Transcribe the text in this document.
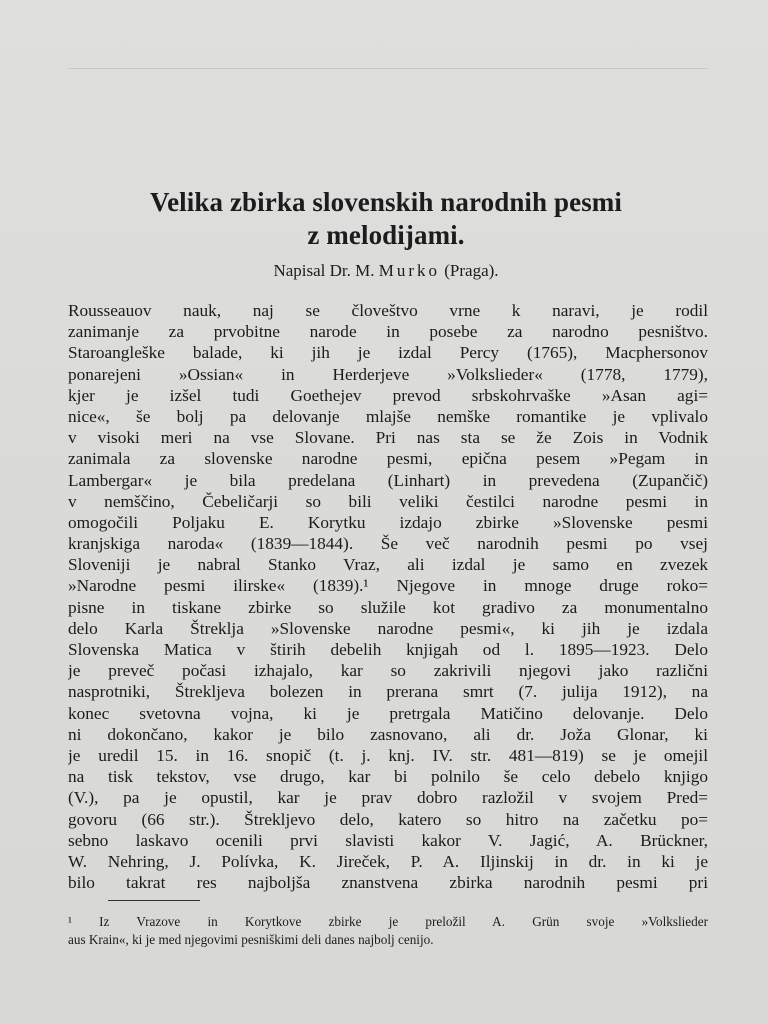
Velika zbirka slovenskih narodnih pesmi
z melodijami.
Napisal Dr. M. Murko (Praga).
Rousseauov nauk, naj se človeštvo vrne k naravi, je rodil
zanimanje za prvobitne narode in posebe za narodno pesništvo.
Staroangleške balade, ki jih je izdal Percy (1765), Macphersonov
ponarejeni »Ossian« in Herderjeve »Volkslieder« (1778, 1779),
kjer je izšel tudi Goethejev prevod srbskohrvaške »Asan agi=
nice«, še bolj pa delovanje mlajše nemške romantike je vplivalo
v visoki meri na vse Slovane. Pri nas sta se že Zois in Vodnik
zanimala za slovenske narodne pesmi, epična pesem »Pegam in
Lambergar« je bila predelana (Linhart) in prevedena (Zupančič)
v nemščino, Čebeličarji so bili veliki čestilci narodne pesmi in
omogočili Poljaku E. Korytku izdajo zbirke »Slovenske pesmi
kranjskiga naroda« (1839—1844). Še več narodnih pesmi po vsej
Sloveniji je nabral Stanko Vraz, ali izdal je samo en zvezek
»Narodne pesmi ilirske« (1839).¹ Njegove in mnoge druge roko=
pisne in tiskane zbirke so služile kot gradivo za monumentalno
delo Karla Štreklja »Slovenske narodne pesmi«, ki jih je izdala
Slovenska Matica v štirih debelih knjigah od l. 1895—1923. Delo
je preveč počasi izhajalo, kar so zakrivili njegovi jako različni
nasprotniki, Štrekljeva bolezen in prerana smrt (7. julija 1912), na
konec svetovna vojna, ki je pretrgala Matičino delovanje. Delo
ni dokončano, kakor je bilo zasnovano, ali dr. Joža Glonar, ki
je uredil 15. in 16. snopič (t. j. knj. IV. str. 481—819) se je omejil
na tisk tekstov, vse drugo, kar bi polnilo še celo debelo knjigo
(V.), pa je opustil, kar je prav dobro razložil v svojem Pred=
govoru (66 str.). Štrekljevo delo, katero so hitro na začetku po=
sebno laskavo ocenili prvi slavisti kakor V. Jagić, A. Brückner,
W. Nehring, J. Polívka, K. Jireček, P. A. Iljinskij in dr. in ki je
bilo takrat res najboljša znanstvena zbirka narodnih pesmi pri
¹ Iz Vrazove in Korytkove zbirke je preložil A. Grün svoje »Volkslieder
aus Krain«, ki je med njegovimi pesniškimi deli danes najbolj cenijo.
